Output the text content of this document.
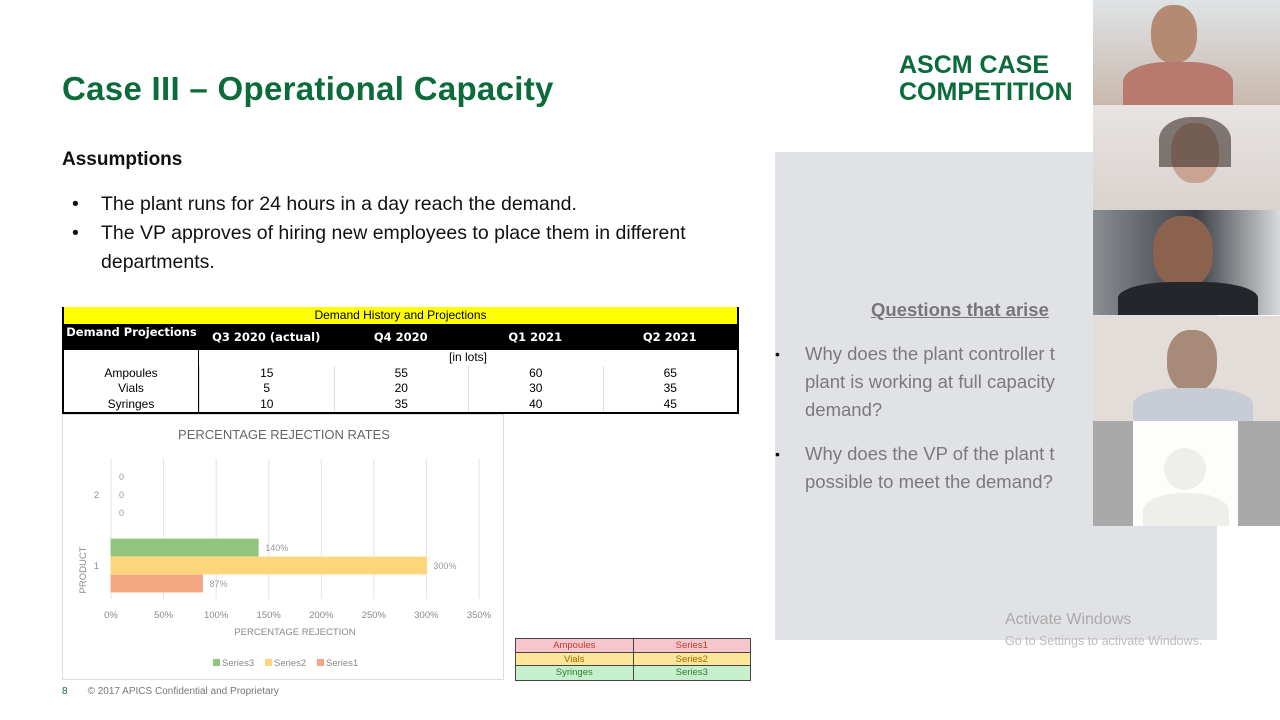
Case III – Operational Capacity
ASCM CASE
COMPETITION
Assumptions
• The plant runs for 24 hours in a day reach the demand.
• The VP approves of hiring new employees to place them in different departments.
Demand History and Projections
Demand Projections	Q3 2020 (actual)	Q4 2020	Q1 2021	Q2 2021
[in lots]
Ampoules	15	55	60	65
Vials	5	20	30	35
Syringes	10	35	40	45
PERCENTAGE REJECTION RATES
0%	50%	100%	150%	200%	250%	300%	350%
PERCENTAGE REJECTION
PRODUCT 1
140%
300%
87%
2
0
0
0
Series3 Series2 Series1
Ampoules	Series1
Vials	Series2
Syringes	Series3
8 © 2017 APICS Confidential and Proprietary
Questions that arise
•	Why does the plant controller t
plant is working at full capacity
demand?
•	Why does the VP of the plant t
possible to meet the demand?
Activate Windows
Go to Settings to activate Windows.
